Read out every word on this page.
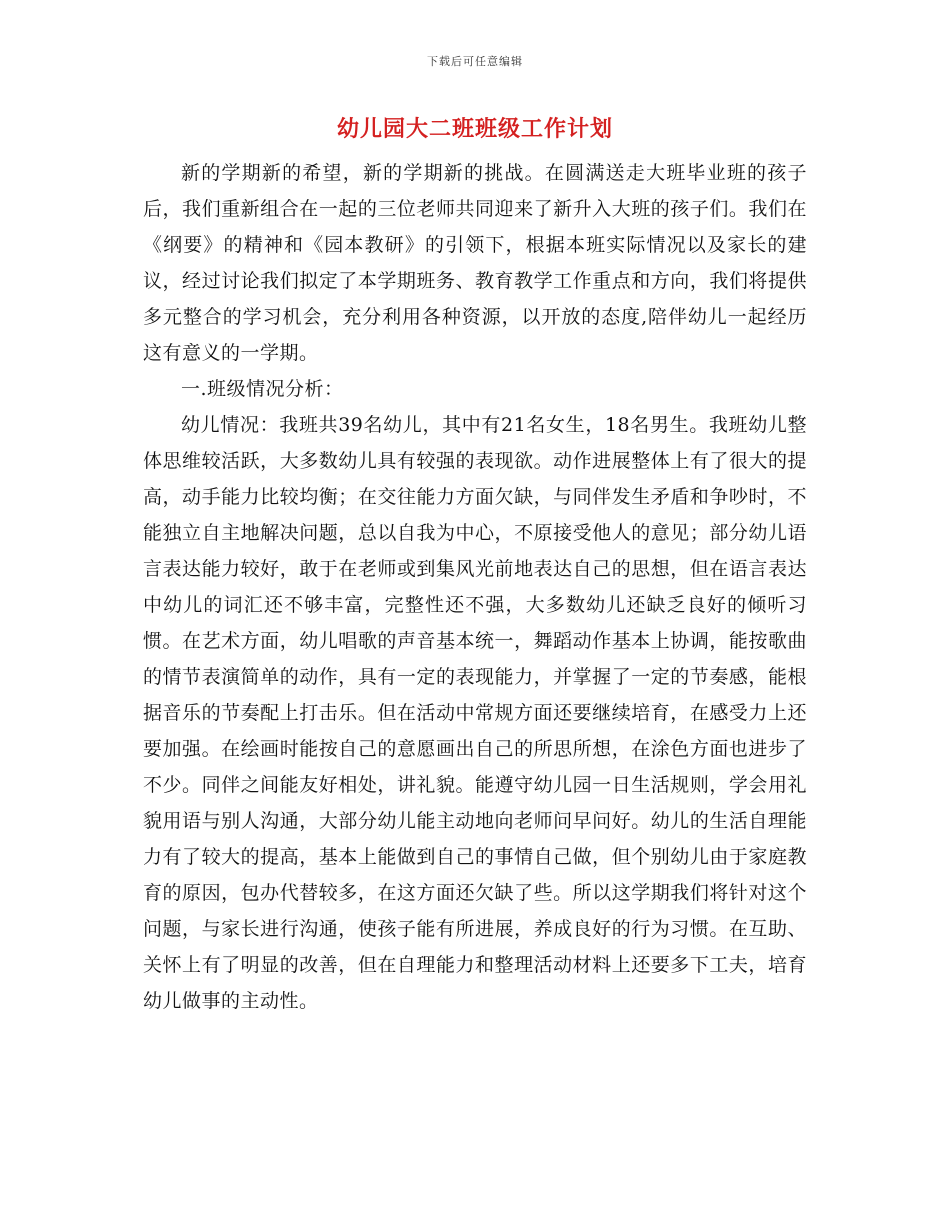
下载后可任意编辑
幼儿园大二班班级工作计划

新的学期新的希望，新的学期新的挑战。在圆满送走大班毕业班的孩子后，我们重新组合在一起的三位老师共同迎来了新升入大班的孩子们。我们在《纲要》的精神和《园本教研》的引领下，根据本班实际情况以及家长的建议，经过讨论我们拟定了本学期班务、教育教学工作重点和方向，我们将提供多元整合的学习机会，充分利用各种资源，以开放的态度,陪伴幼儿一起经历这有意义的一学期。

一.班级情况分析：

幼儿情况：我班共39名幼儿，其中有21名女生，18名男生。我班幼儿整体思维较活跃，大多数幼儿具有较强的表现欲。动作进展整体上有了很大的提高，动手能力比较均衡；在交往能力方面欠缺，与同伴发生矛盾和争吵时，不能独立自主地解决问题，总以自我为中心，不原接受他人的意见；部分幼儿语言表达能力较好，敢于在老师或到集风光前地表达自己的思想，但在语言表达中幼儿的词汇还不够丰富，完整性还不强，大多数幼儿还缺乏良好的倾听习惯。在艺术方面，幼儿唱歌的声音基本统一，舞蹈动作基本上协调，能按歌曲的情节表演简单的动作，具有一定的表现能力，并掌握了一定的节奏感，能根据音乐的节奏配上打击乐。但在活动中常规方面还要继续培育，在感受力上还要加强。在绘画时能按自己的意愿画出自己的所思所想，在涂色方面也进步了不少。同伴之间能友好相处，讲礼貌。能遵守幼儿园一日生活规则，学会用礼貌用语与别人沟通，大部分幼儿能主动地向老师问早问好。幼儿的生活自理能力有了较大的提高，基本上能做到自己的事情自己做，但个别幼儿由于家庭教育的原因，包办代替较多，在这方面还欠缺了些。所以这学期我们将针对这个问题，与家长进行沟通，使孩子能有所进展，养成良好的行为习惯。在互助、关怀上有了明显的改善，但在自理能力和整理活动材料上还要多下工夫，培育幼儿做事的主动性。
